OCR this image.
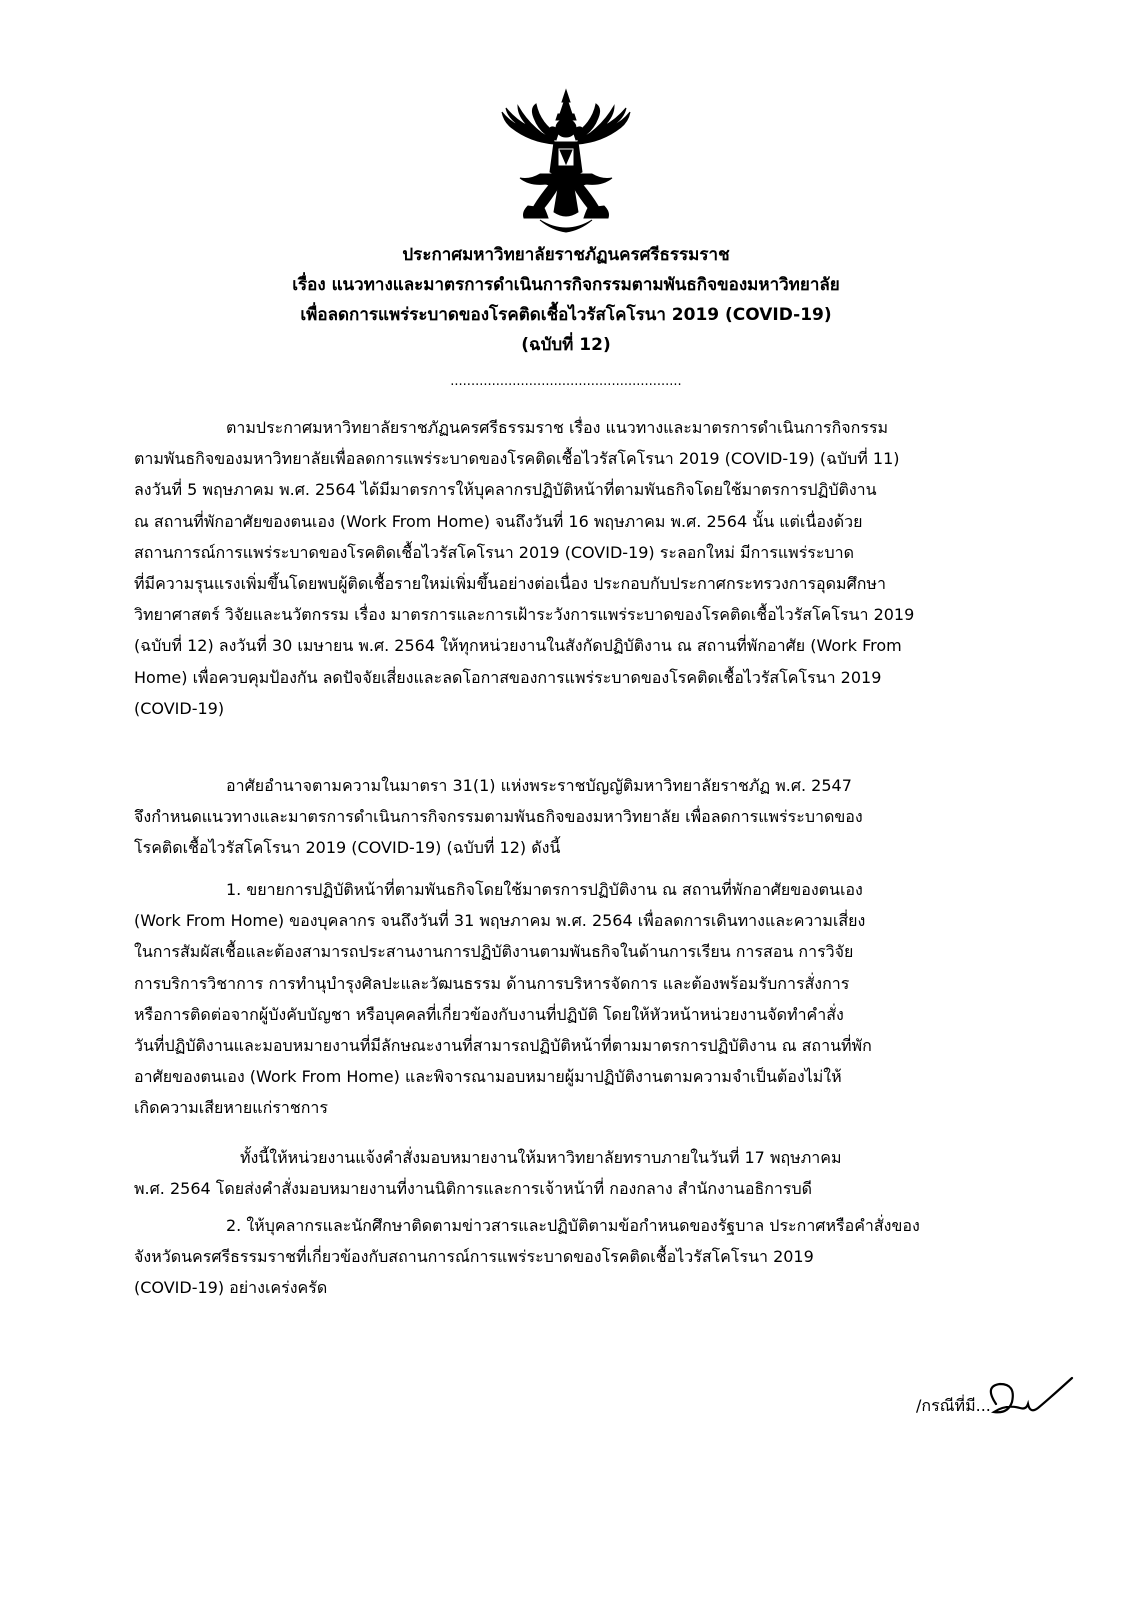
ประกาศมหาวิทยาลัยราชภัฏนครศรีธรรมราช
เรื่อง แนวทางและมาตรการดำเนินการกิจกรรมตามพันธกิจของมหาวิทยาลัย
เพื่อลดการแพร่ระบาดของโรคติดเชื้อไวรัสโคโรนา 2019 (COVID-19)
(ฉบับที่ 12)
........................................................
ตามประกาศมหาวิทยาลัยราชภัฏนครศรีธรรมราช เรื่อง แนวทางและมาตรการดำเนินการกิจกรรม
ตามพันธกิจของมหาวิทยาลัยเพื่อลดการแพร่ระบาดของโรคติดเชื้อไวรัสโคโรนา 2019 (COVID-19) (ฉบับที่ 11)
ลงวันที่ 5 พฤษภาคม พ.ศ. 2564 ได้มีมาตรการให้บุคลากรปฏิบัติหน้าที่ตามพันธกิจโดยใช้มาตรการปฏิบัติงาน
ณ สถานที่พักอาศัยของตนเอง (Work From Home) จนถึงวันที่ 16 พฤษภาคม พ.ศ. 2564 นั้น แต่เนื่องด้วย
สถานการณ์การแพร่ระบาดของโรคติดเชื้อไวรัสโคโรนา 2019 (COVID-19) ระลอกใหม่ มีการแพร่ระบาด
ที่มีความรุนแรงเพิ่มขึ้นโดยพบผู้ติดเชื้อรายใหม่เพิ่มขึ้นอย่างต่อเนื่อง ประกอบกับประกาศกระทรวงการอุดมศึกษา
วิทยาศาสตร์ วิจัยและนวัตกรรม เรื่อง มาตรการและการเฝ้าระวังการแพร่ระบาดของโรคติดเชื้อไวรัสโคโรนา 2019
(ฉบับที่ 12) ลงวันที่ 30 เมษายน พ.ศ. 2564 ให้ทุกหน่วยงานในสังกัดปฏิบัติงาน ณ สถานที่พักอาศัย (Work From
Home) เพื่อควบคุมป้องกัน ลดปัจจัยเสี่ยงและลดโอกาสของการแพร่ระบาดของโรคติดเชื้อไวรัสโคโรนา 2019
(COVID-19)
อาศัยอำนาจตามความในมาตรา 31(1) แห่งพระราชบัญญัติมหาวิทยาลัยราชภัฏ พ.ศ. 2547
จึงกำหนดแนวทางและมาตรการดำเนินการกิจกรรมตามพันธกิจของมหาวิทยาลัย เพื่อลดการแพร่ระบาดของ
โรคติดเชื้อไวรัสโคโรนา 2019 (COVID-19) (ฉบับที่ 12) ดังนี้
1. ขยายการปฏิบัติหน้าที่ตามพันธกิจโดยใช้มาตรการปฏิบัติงาน ณ สถานที่พักอาศัยของตนเอง
(Work From Home) ของบุคลากร จนถึงวันที่ 31 พฤษภาคม พ.ศ. 2564 เพื่อลดการเดินทางและความเสี่ยง
ในการสัมผัสเชื้อและต้องสามารถประสานงานการปฏิบัติงานตามพันธกิจในด้านการเรียน การสอน การวิจัย
การบริการวิชาการ การทำนุบำรุงศิลปะและวัฒนธรรม ด้านการบริหารจัดการ และต้องพร้อมรับการสั่งการ
หรือการติดต่อจากผู้บังคับบัญชา หรือบุคคลที่เกี่ยวข้องกับงานที่ปฏิบัติ โดยให้หัวหน้าหน่วยงานจัดทำคำสั่ง
วันที่ปฏิบัติงานและมอบหมายงานที่มีลักษณะงานที่สามารถปฏิบัติหน้าที่ตามมาตรการปฏิบัติงาน ณ สถานที่พัก
อาศัยของตนเอง (Work From Home) และพิจารณามอบหมายผู้มาปฏิบัติงานตามความจำเป็นต้องไม่ให้
เกิดความเสียหายแก่ราชการ
ทั้งนี้ให้หน่วยงานแจ้งคำสั่งมอบหมายงานให้มหาวิทยาลัยทราบภายในวันที่ 17 พฤษภาคม
พ.ศ. 2564 โดยส่งคำสั่งมอบหมายงานที่งานนิติการและการเจ้าหน้าที่ กองกลาง สำนักงานอธิการบดี
2. ให้บุคลากรและนักศึกษาติดตามข่าวสารและปฏิบัติตามข้อกำหนดของรัฐบาล ประกาศหรือคำสั่งของ
จังหวัดนครศรีธรรมราชที่เกี่ยวข้องกับสถานการณ์การแพร่ระบาดของโรคติดเชื้อไวรัสโคโรนา 2019
(COVID-19) อย่างเคร่งครัด
/กรณีที่มี...
